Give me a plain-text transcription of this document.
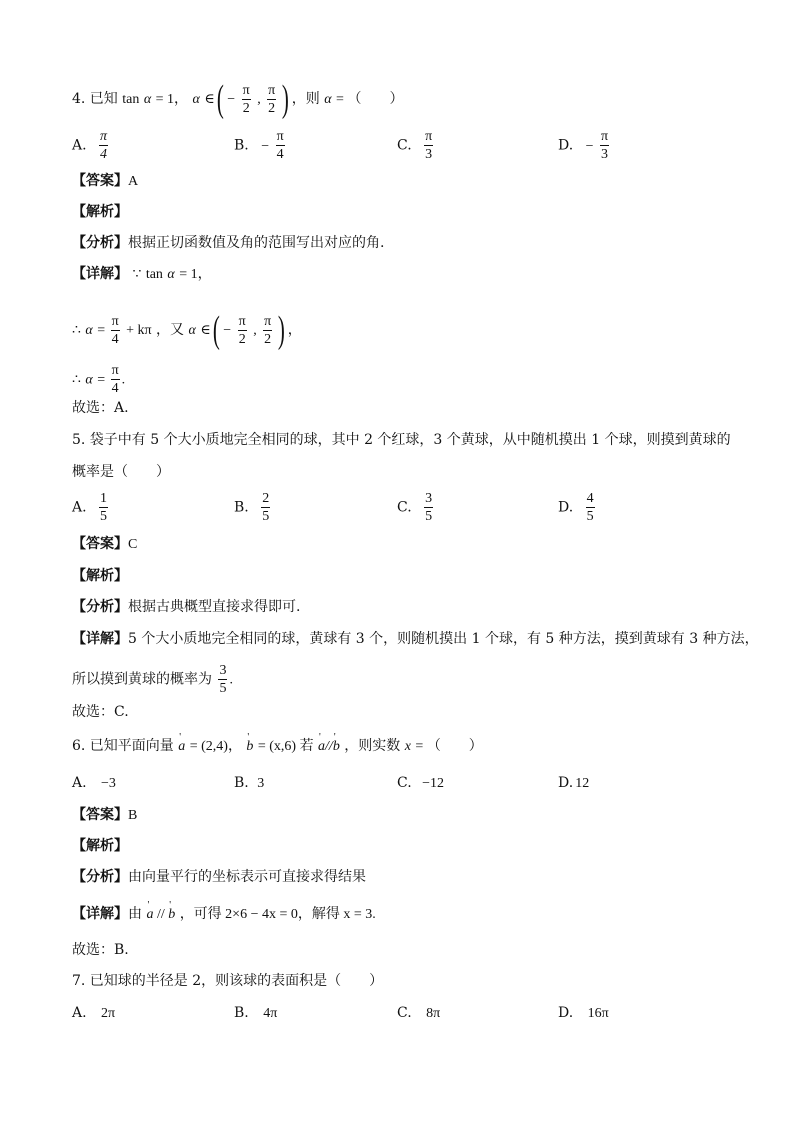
4. 已知 tan α = 1， α ∈ ( − $\frac{\pi}{2}$ , $\frac{\pi}{2}$ ) ，则 α = （　　）
A. $\frac{\pi}{4}$	B. − $\frac{\pi}{4}$	C. $\frac{\pi}{3}$	D. − $\frac{\pi}{3}$
【答案】A
【解析】
【分析】根据正切函数值及角的范围写出对应的角.
【详解】 ∵ tan α = 1，
∴ $\alpha = \frac{\pi}{4} + k\pi$ ，又 α ∈ ( − $\frac{\pi}{2}$ , $\frac{\pi}{2}$ ) ，
∴ $\alpha = \frac{\pi}{4}$ .
故选：A.
5. 袋子中有 5 个大小质地完全相同的球，其中 2 个红球，3 个黄球，从中随机摸出 1 个球，则摸到黄球的
概率是（　　）
A. $\frac{1}{5}$	B. $\frac{2}{5}$	C. $\frac{3}{5}$	D. $\frac{4}{5}$
【答案】C
【解析】
【分析】根据古典概型直接求得即可.
【详解】5 个大小质地完全相同的球，黄球有 3 个，则随机摸出 1 个球，有 5 种方法，摸到黄球有 3 种方法，
所以摸到黄球的概率为 $\frac{3}{5}$ .
故选：C.
6. 已知平面向量 ' a = (2,4)， ' b = (x,6) 若 ' a//' b ，则实数 x = （　　）
A. −3	B. 3	C. −12	D. 12
【答案】B
【解析】
【分析】由向量平行的坐标表示可直接求得结果
【详解】由 ' a // ' b ，可得 2×6 − 4x = 0，解得 x = 3.
故选：B.
7. 已知球的半径是 2，则该球的表面积是（　　）
A. 2π	B. 4π	C. 8π	D. 16π
